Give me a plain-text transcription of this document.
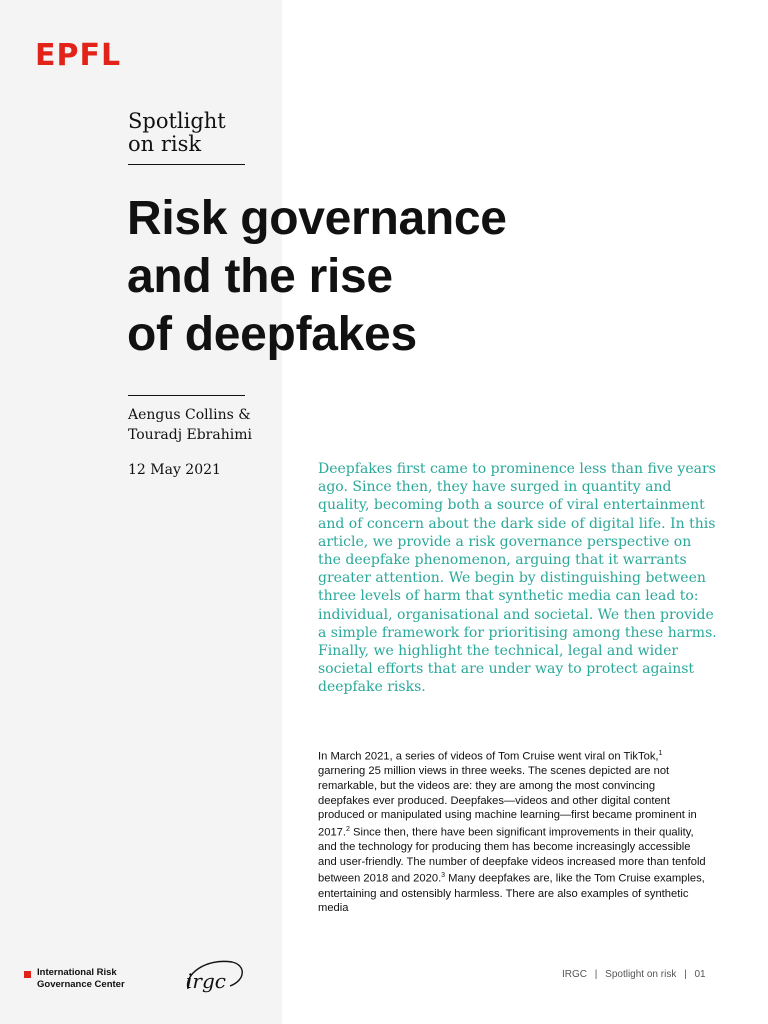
EPFL
Spotlight
on risk
Risk governance
and the rise
of deepfakes
Aengus Collins &
Touradj Ebrahimi
12 May 2021	Deepfakes first came to prominence less than five years ago. Since then, they have surged in quantity and quality, becoming both a source of viral entertainment and of concern about the dark side of digital life. In this article, we provide a risk governance perspective on the deepfake phenomenon, arguing that it warrants greater attention. We begin by distinguishing between three levels of harm that synthetic media can lead to: individual, organisational and societal. We then provide a simple framework for prioritising among these harms. Finally, we highlight the technical, legal and wider societal efforts that are under way to protect against deepfake risks.

In March 2021, a series of videos of Tom Cruise went viral on TikTok,$^1$ garnering 25 million views in three weeks. The scenes depicted are not remarkable, but the videos are: they are among the most convincing deepfakes ever produced. Deepfakes—videos and other digital content produced or manipulated using machine learning—first became prominent in 2017.$^2$ Since then, there have been significant improvements in their quality, and the technology for producing them has become increasingly accessible and user-friendly. The number of deepfake videos increased more than tenfold between 2018 and 2020.$^3$ Many deepfakes are, like the Tom Cruise examples, entertaining and ostensibly harmless. There are also examples of synthetic media

International Risk
Governance Center	irgc	IRGC | Spotlight on risk | 01
